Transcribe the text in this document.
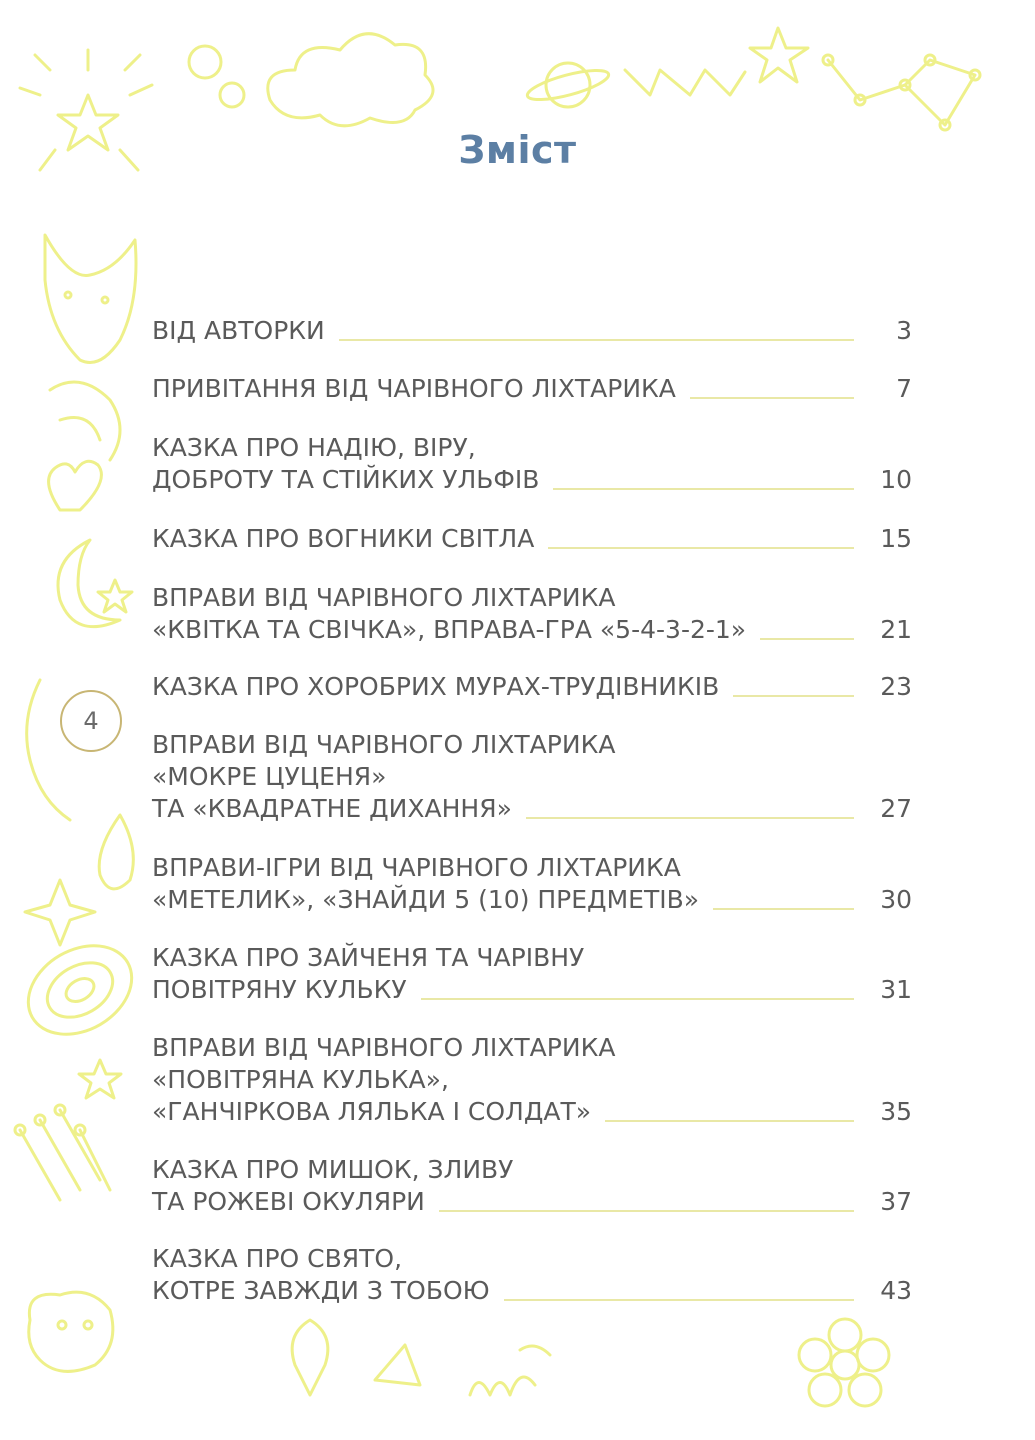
Зміст
4
ВІД АВТОРКИ	3
ПРИВІТАННЯ ВІД ЧАРІВНОГО ЛІХТАРИКА	7
КАЗКА ПРО НАДІЮ, ВІРУ,
ДОБРОТУ ТА СТІЙКИХ УЛЬФІВ	10
КАЗКА ПРО ВОГНИКИ СВІТЛА	15
ВПРАВИ ВІД ЧАРІВНОГО ЛІХТАРИКА
«КВІТКА ТА СВІЧКА», ВПРАВА-ГРА «5-4-3-2-1»	21
КАЗКА ПРО ХОРОБРИХ МУРАХ-ТРУДІВНИКІВ	23
ВПРАВИ ВІД ЧАРІВНОГО ЛІХТАРИКА
«МОКРЕ ЦУЦЕНЯ»
ТА «КВАДРАТНЕ ДИХАННЯ»	27
ВПРАВИ-ІГРИ ВІД ЧАРІВНОГО ЛІХТАРИКА
«МЕТЕЛИК», «ЗНАЙДИ 5 (10) ПРЕДМЕТІВ»	30
КАЗКА ПРО ЗАЙЧЕНЯ ТА ЧАРІВНУ
ПОВІТРЯНУ КУЛЬКУ	31
ВПРАВИ ВІД ЧАРІВНОГО ЛІХТАРИКА
«ПОВІТРЯНА КУЛЬКА»,
«ГАНЧІРКОВА ЛЯЛЬКА І СОЛДАТ»	35
КАЗКА ПРО МИШОК, ЗЛИВУ
ТА РОЖЕВІ ОКУЛЯРИ	37
КАЗКА ПРО СВЯТО,
КОТРЕ ЗАВЖДИ З ТОБОЮ	43
